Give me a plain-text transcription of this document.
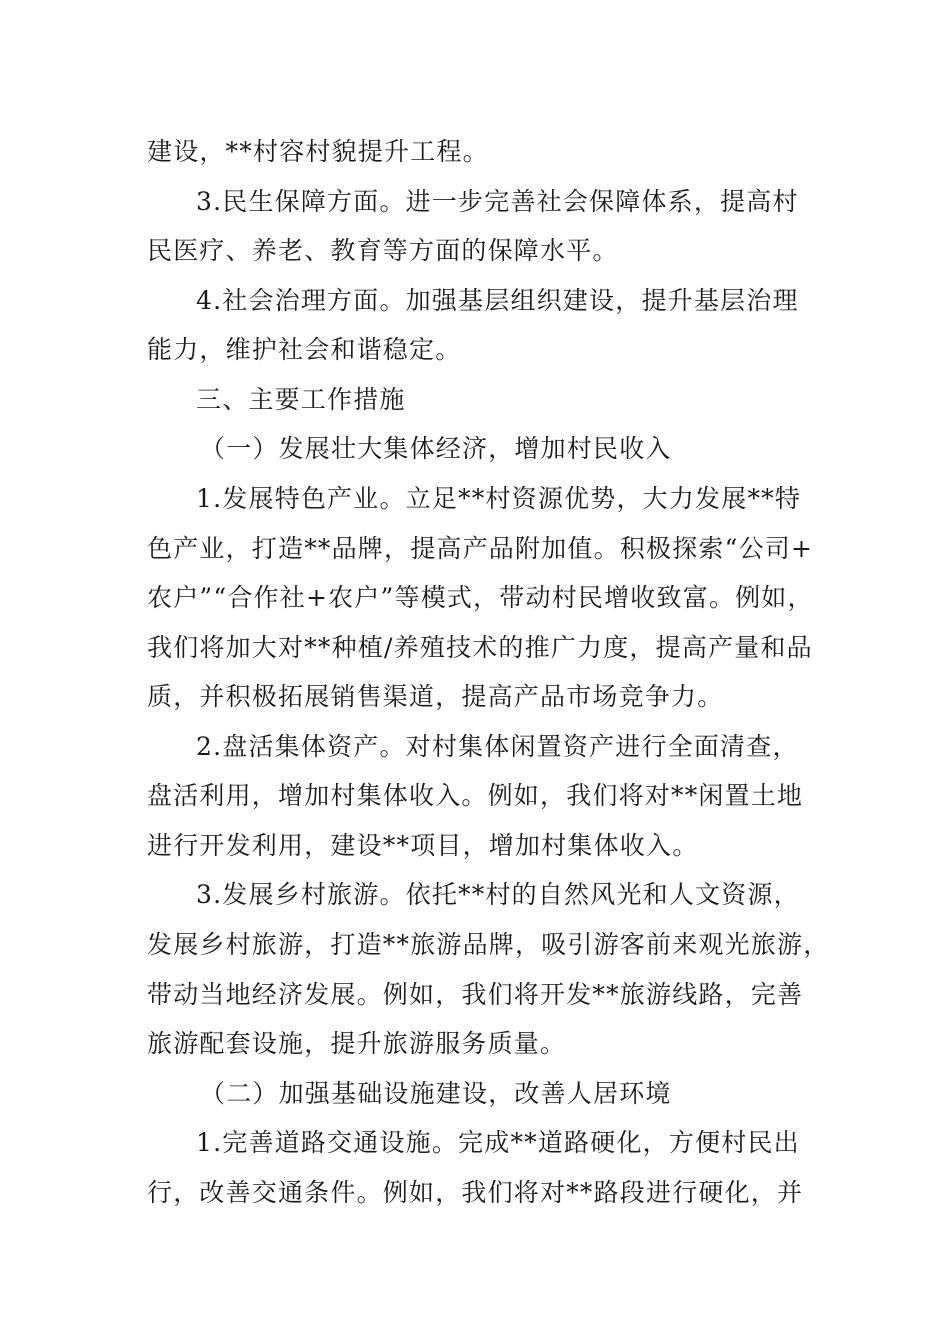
建设，**村容村貌提升工程。
3.民生保障方面。进一步完善社会保障体系，提高村
民医疗、养老、教育等方面的保障水平。
4.社会治理方面。加强基层组织建设，提升基层治理
能力，维护社会和谐稳定。
三、主要工作措施
（一）发展壮大集体经济，增加村民收入
1.发展特色产业。立足**村资源优势，大力发展**特
色产业，打造**品牌，提高产品附加值。积极探索“公司+
农户”“合作社+农户”等模式，带动村民增收致富。例如，
我们将加大对**种植/养殖技术的推广力度，提高产量和品
质，并积极拓展销售渠道，提高产品市场竞争力。
2.盘活集体资产。对村集体闲置资产进行全面清查，
盘活利用，增加村集体收入。例如，我们将对**闲置土地
进行开发利用，建设**项目，增加村集体收入。
3.发展乡村旅游。依托**村的自然风光和人文资源，
发展乡村旅游，打造**旅游品牌，吸引游客前来观光旅游，
带动当地经济发展。例如，我们将开发**旅游线路，完善
旅游配套设施，提升旅游服务质量。
（二）加强基础设施建设，改善人居环境
1.完善道路交通设施。完成**道路硬化，方便村民出
行，改善交通条件。例如，我们将对**路段进行硬化，并
